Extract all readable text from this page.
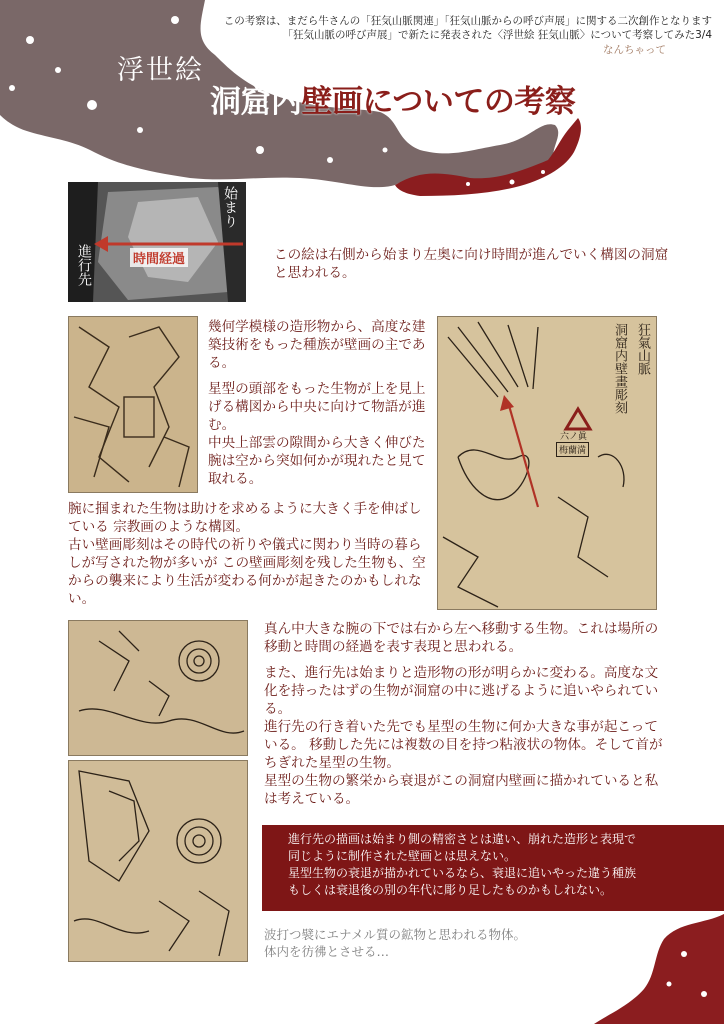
この考察は、まだら牛さんの「狂気山脈関連」「狂気山脈からの呼び声展」に関する二次創作となります
「狂気山脈の呼び声展」で新たに発表された〈浮世絵 狂気山脈〉について考察してみた3/4
なんちゃって
浮世絵
洞窟内壁画についての考察
始まり
進行先	時間経過	この絵は右側から始まり左奥に向け時間が進んでいく構図の洞窟と思われる。

幾何学模様の造形物から、高度な建築技術をもった種族が壁画の主である。

星型の頭部をもった生物が上を見上げる構図から中央に向けて物語が進む。

中央上部雲の隙間から大きく伸びた腕は空から突如何かが現れたと見て取れる。

狂氣山脈
洞窟内壁畫彫刻
六ノ眞
梅蘭満

腕に掴まれた生物は助けを求めるように大きく手を伸ばしている 宗教画のような構図。

古い壁画彫刻はその時代の祈りや儀式に関わり当時の暮らしが写された物が多いが この壁画彫刻を残した生物も、空からの襲来により生活が変わる何かが起きたのかもしれない。

真ん中大きな腕の下では右から左へ移動する生物。これは場所の移動と時間の経過を表す表現と思われる。

また、進行先は始まりと造形物の形が明らかに変わる。高度な文化を持ったはずの生物が洞窟の中に逃げるように追いやられている。

進行先の行き着いた先でも星型の生物に何か大きな事が起こっている。 移動した先には複数の目を持つ粘液状の物体。そして首がちぎれた星型の生物。

星型の生物の繁栄から衰退がこの洞窟内壁画に描かれていると私は考えている。

進行先の描画は始まり側の精密さとは違い、崩れた造形と表現で
同じように制作された壁画とは思えない。
星型生物の衰退が描かれているなら、衰退に追いやった違う種族
もしくは衰退後の別の年代に彫り足したものかもしれない。
波打つ襞にエナメル質の鉱物と思われる物体。
体内を彷彿とさせる…
